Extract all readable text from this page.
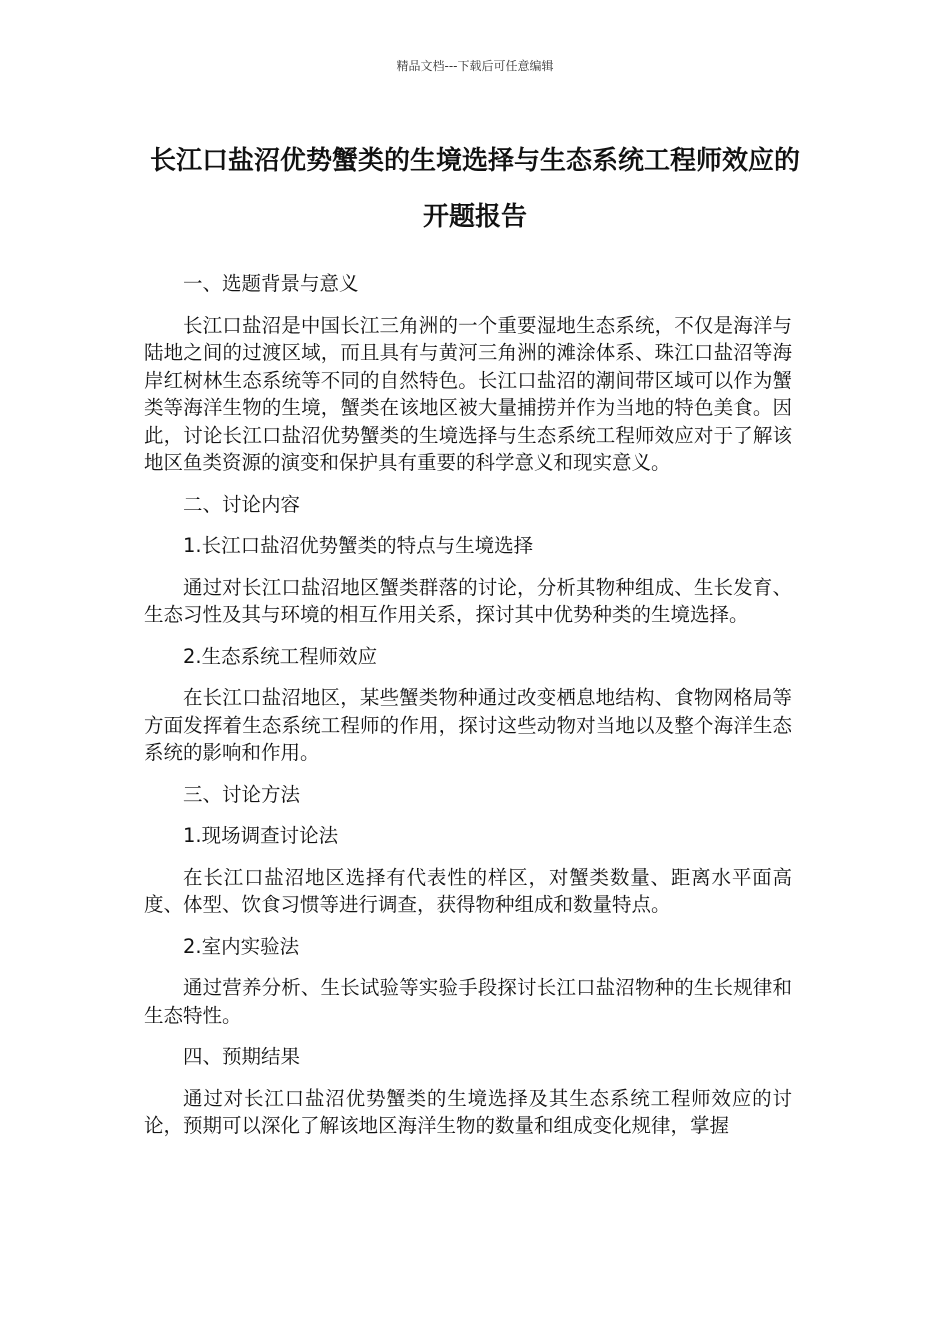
精品文档---下载后可任意编辑
长江口盐沼优势蟹类的生境选择与生态系统工程师效应的开题报告

一、选题背景与意义

长江口盐沼是中国长江三角洲的一个重要湿地生态系统，不仅是海洋与陆地之间的过渡区域，而且具有与黄河三角洲的滩涂体系、珠江口盐沼等海岸红树林生态系统等不同的自然特色。长江口盐沼的潮间带区域可以作为蟹类等海洋生物的生境，蟹类在该地区被大量捕捞并作为当地的特色美食。因此，讨论长江口盐沼优势蟹类的生境选择与生态系统工程师效应对于了解该地区鱼类资源的演变和保护具有重要的科学意义和现实意义。

二、讨论内容

1.长江口盐沼优势蟹类的特点与生境选择

通过对长江口盐沼地区蟹类群落的讨论，分析其物种组成、生长发育、生态习性及其与环境的相互作用关系，探讨其中优势种类的生境选择。

2.生态系统工程师效应

在长江口盐沼地区，某些蟹类物种通过改变栖息地结构、食物网格局等方面发挥着生态系统工程师的作用，探讨这些动物对当地以及整个海洋生态系统的影响和作用。

三、讨论方法

1.现场调查讨论法

在长江口盐沼地区选择有代表性的样区，对蟹类数量、距离水平面高度、体型、饮食习惯等进行调查，获得物种组成和数量特点。

2.室内实验法

通过营养分析、生长试验等实验手段探讨长江口盐沼物种的生长规律和生态特性。

四、预期结果

通过对长江口盐沼优势蟹类的生境选择及其生态系统工程师效应的讨论，预期可以深化了解该地区海洋生物的数量和组成变化规律，掌握
